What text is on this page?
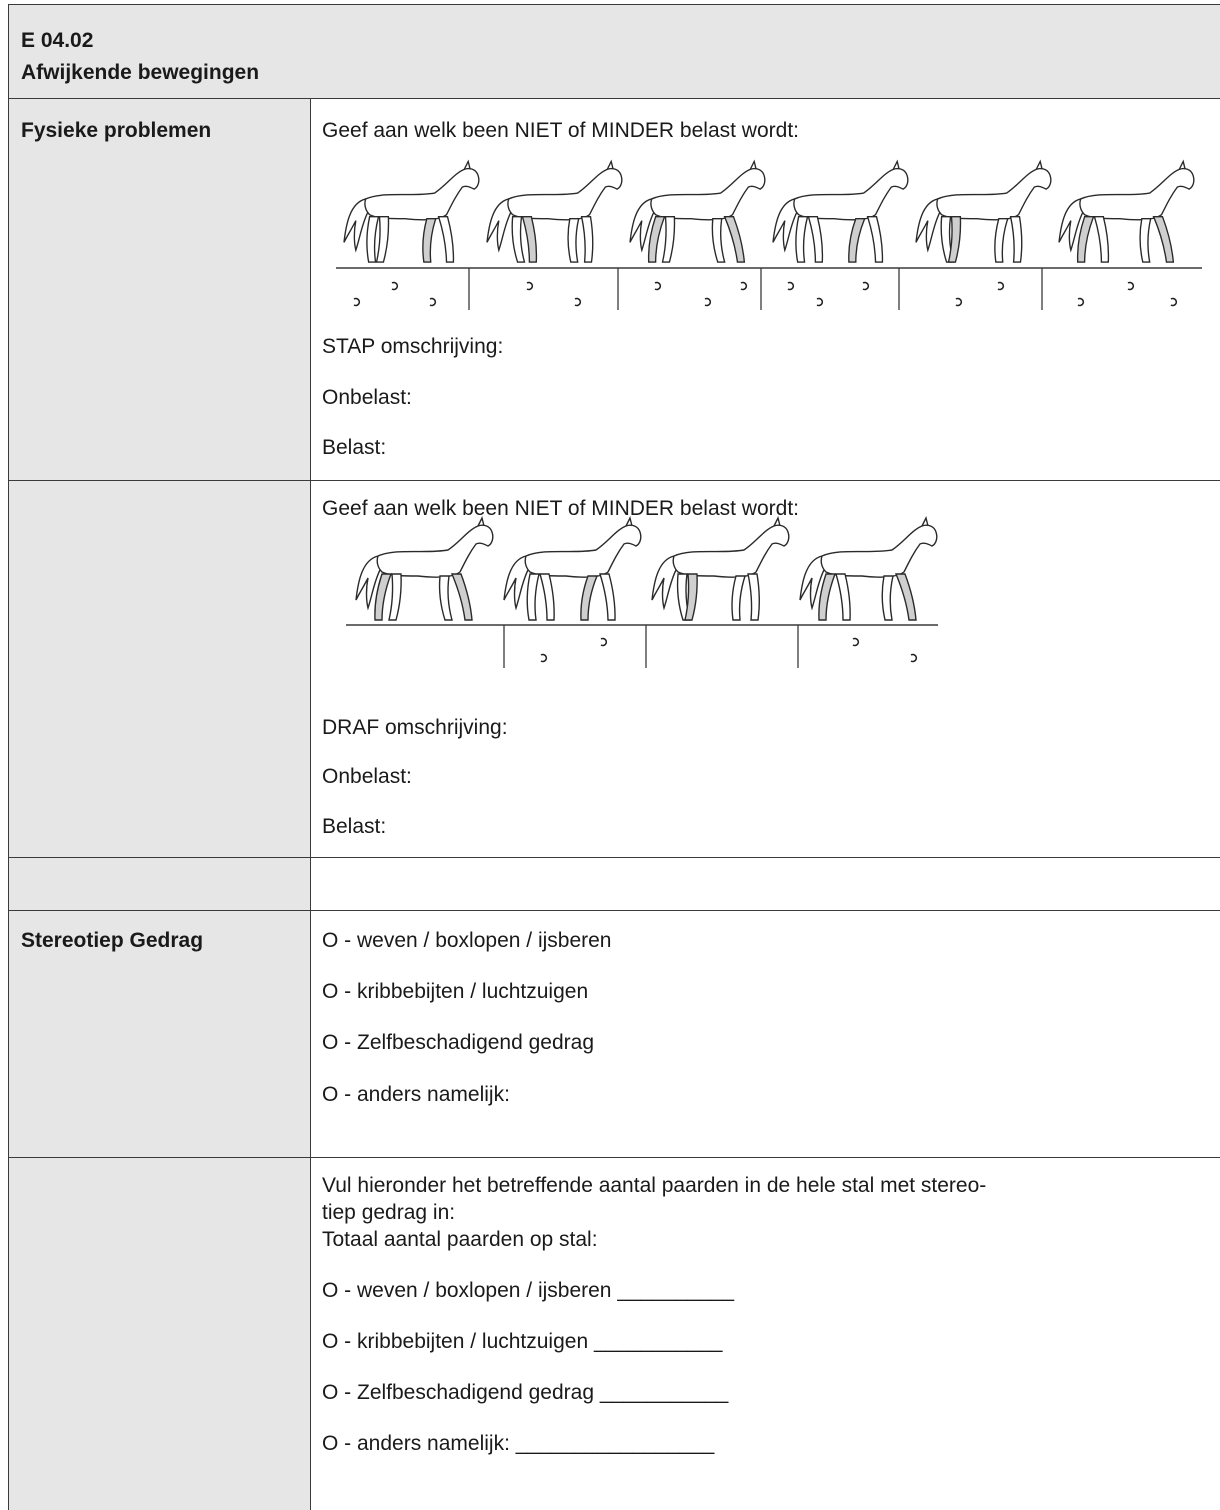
E 04.02
Afwijkende bewegingen
Fysieke problemen	Geef aan welk been NIET of MINDER belast wordt:
STAP omschrijving:
Onbelast:
Belast:
Geef aan welk been NIET of MINDER belast wordt:
DRAF omschrijving:
Onbelast:
Belast:
Stereotiep Gedrag	O - weven / boxlopen / ijsberen
O - kribbebijten / luchtzuigen
O - Zelfbeschadigend gedrag
O - anders namelijk:
Vul hieronder het betreffende aantal paarden in de hele stal met stereo-
tiep gedrag in:
Totaal aantal paarden op stal:
O - weven / boxlopen / ijsberen __________
O - kribbebijten / luchtzuigen ___________
O - Zelfbeschadigend gedrag ___________
O - anders namelijk: _________________
